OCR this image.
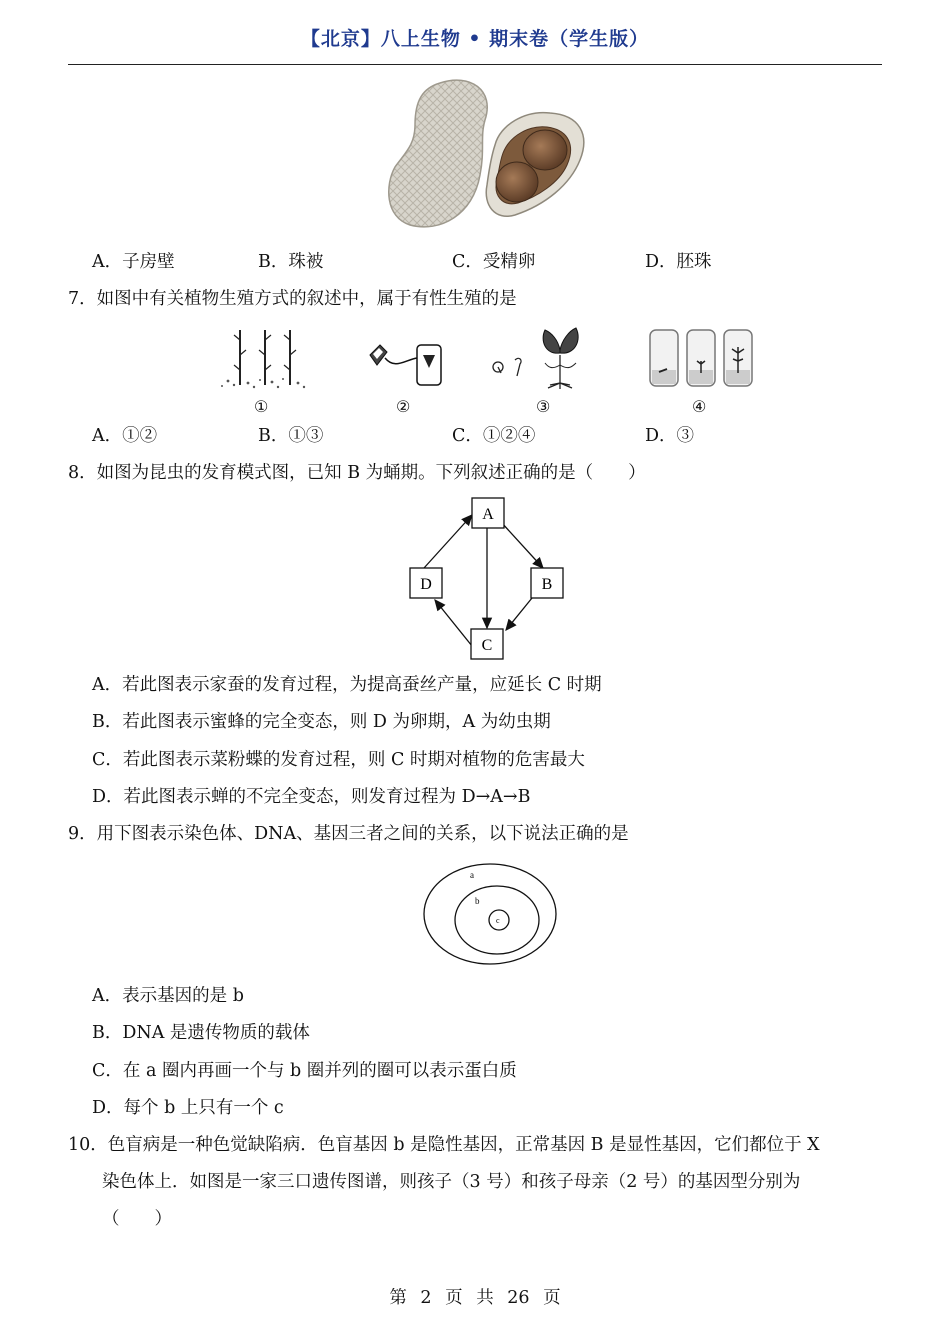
【北京】八上生物 • 期末卷（学生版）
A．子房壁	B．珠被	C．受精卵	D．胚珠
7．如图中有关植物生殖方式的叙述中，属于有性生殖的是
①	②	③	④
A．①②	B．①③	C．①②④	D．③
8．如图为昆虫的发育模式图，已知 B 为蛹期。下列叙述正确的是（　　）
A
B
C
D
A．若此图表示家蚕的发育过程，为提高蚕丝产量，应延长 C 时期
B．若此图表示蜜蜂的完全变态，则 D 为卵期，A 为幼虫期
C．若此图表示菜粉蝶的发育过程，则 C 时期对植物的危害最大
D．若此图表示蝉的不完全变态，则发育过程为 D→A→B
9．用下图表示染色体、DNA、基因三者之间的关系，以下说法正确的是
a
b
c
A．表示基因的是 b
B．DNA 是遗传物质的载体
C．在 a 圈内再画一个与 b 圈并列的圈可以表示蛋白质
D．每个 b 上只有一个 c
10．色盲病是一种色觉缺陷病．色盲基因 b 是隐性基因，正常基因 B 是显性基因，它们都位于 X
染色体上．如图是一家三口遗传图谱，则孩子（3 号）和孩子母亲（2 号）的基因型分别为
（　　）
第 2 页 共 26 页
